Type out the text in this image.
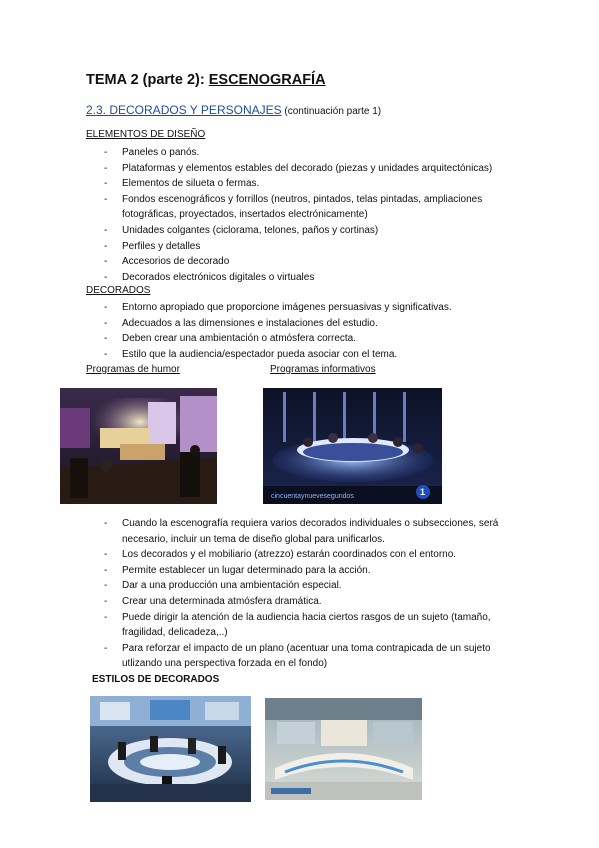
TEMA 2 (parte 2): ESCENOGRAFÍA
2.3. DECORADOS Y PERSONAJES (continuación parte 1)
ELEMENTOS DE DISEÑO
- Paneles o panós.
- Plataformas y elementos estables del decorado (piezas y unidades arquitectónicas)
- Elementos de silueta o fermas.
- Fondos escenográficos y forrillos (neutros, pintados, telas pintadas, ampliaciones fotográficas, proyectados, insertados electrónicamente)
- Unidades colgantes (ciclorama, telones, paños y cortinas)
- Perfiles y detalles
- Accesorios de decorado
- Decorados electrónicos digitales o virtuales
DECORADOS
- Entorno apropiado que proporcione imágenes persuasivas y significativas.
- Adecuados a las dimensiones e instalaciones del estudio.
- Deben crear una ambientación o atmósfera correcta.
- Estilo que la audiencia/espectador pueda asociar con el tema.
Programas de humor	Programas informativos
cincuentaynuevesegundos	1
- Cuando la escenografía requiera varios decorados individuales o subsecciones, será necesario, incluir un tema de diseño global para unificarlos.
- Los decorados y el mobiliario (atrezzo) estarán coordinados con el entorno.
- Permite establecer un lugar determinado para la acción.
- Dar a una producción una ambientación especial.
- Crear una determinada atmósfera dramática.
- Puede dirigir la atención de la audiencia hacia ciertos rasgos de un sujeto (tamaño, fragilidad, delicadeza,..)
- Para reforzar el impacto de un plano (acentuar una toma contrapicada de un sujeto utlizando una perspectiva forzada en el fondo)
ESTILOS DE DECORADOS
